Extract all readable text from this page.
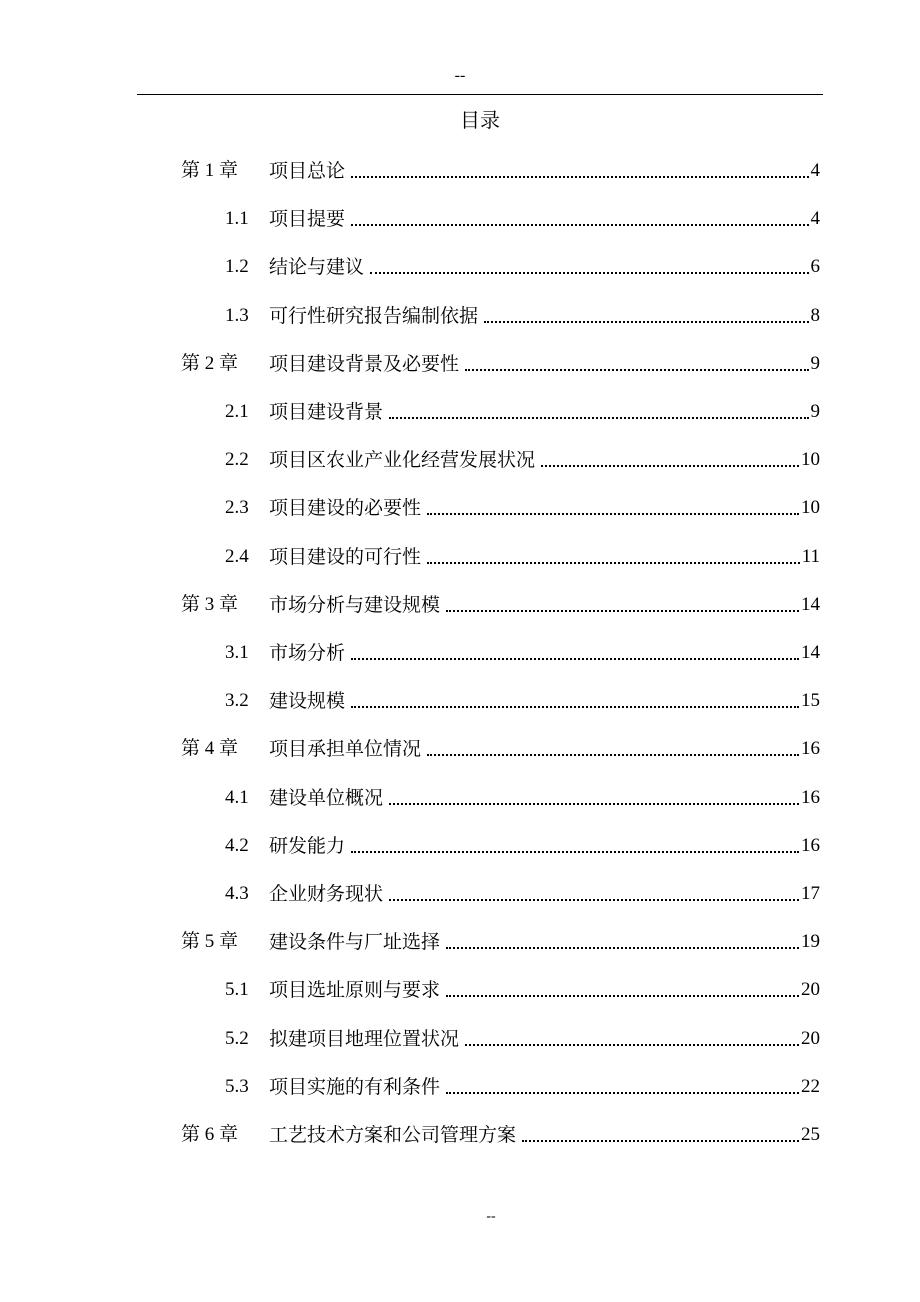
--
目录
第 1 章	项目总论	4
1.1	项目提要	4
1.2	结论与建议	6
1.3	可行性研究报告编制依据	8
第 2 章	项目建设背景及必要性	9
2.1	项目建设背景	9
2.2	项目区农业产业化经营发展状况	10
2.3	项目建设的必要性	10
2.4	项目建设的可行性	11
第 3 章	市场分析与建设规模	14
3.1	市场分析	14
3.2	建设规模	15
第 4 章	项目承担单位情况	16
4.1	建设单位概况	16
4.2	研发能力	16
4.3	企业财务现状	17
第 5 章	建设条件与厂址选择	19
5.1	项目选址原则与要求	20
5.2	拟建项目地理位置状况	20
5.3	项目实施的有利条件	22
第 6 章	工艺技术方案和公司管理方案	25
--
